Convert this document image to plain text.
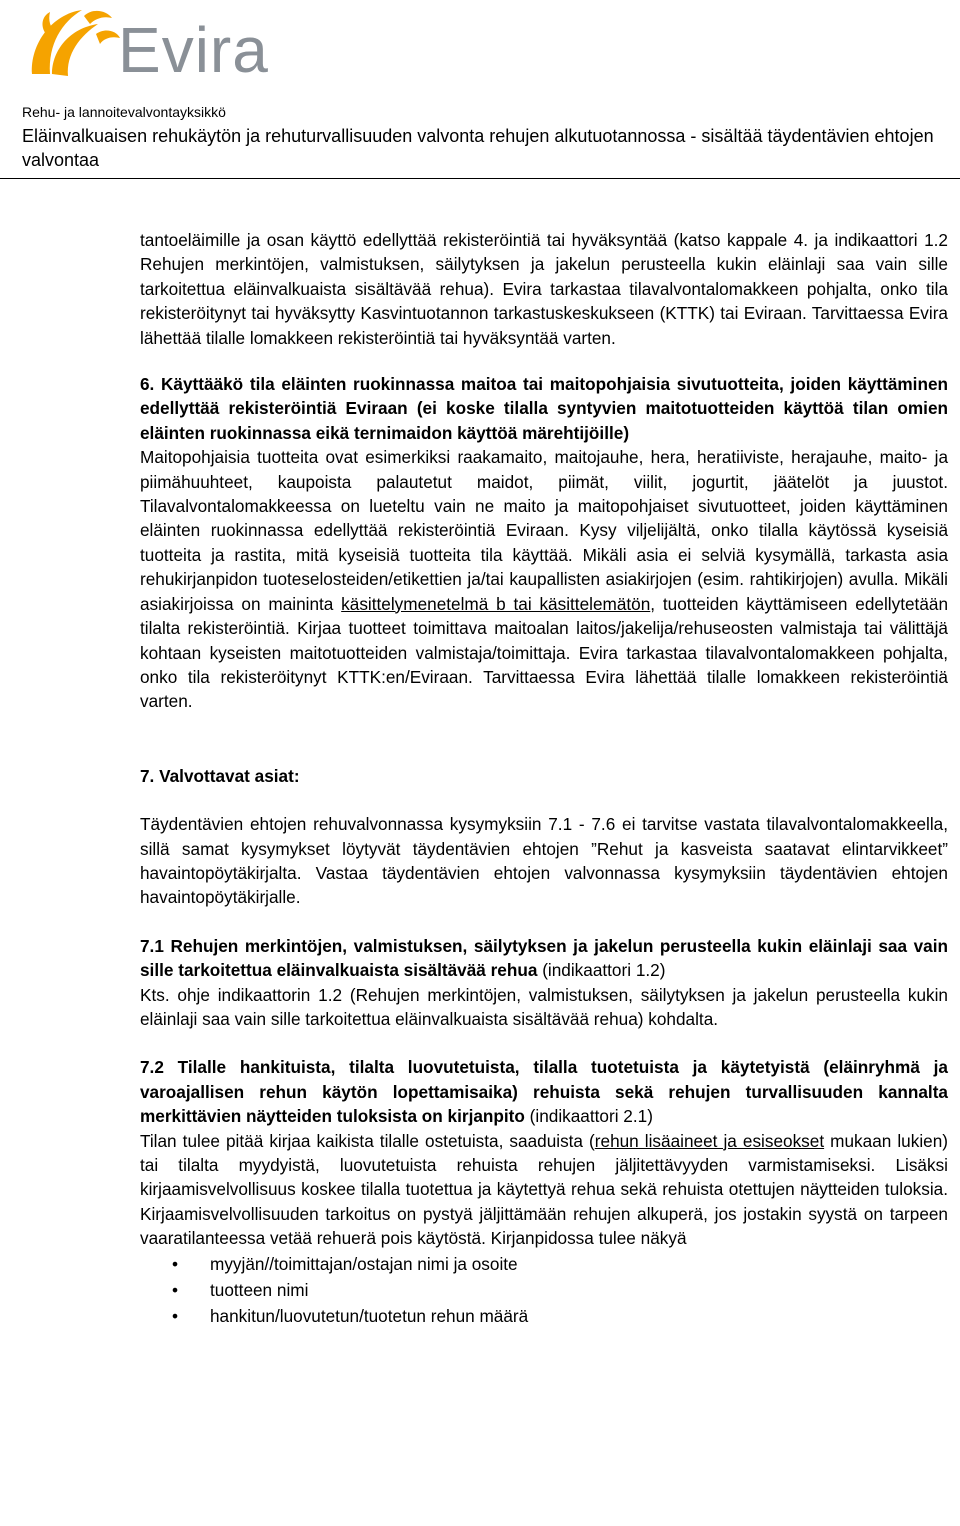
Evira
Rehu- ja lannoitevalvontayksikkö
Eläinvalkuaisen rehukäytön ja rehuturvallisuuden valvonta rehujen alkutuotannossa - sisältää täydentävien ehtojen valvontaa

tantoeläimille ja osan käyttö edellyttää rekisteröintiä tai hyväksyntää (katso kappale 4. ja indikaattori 1.2 Rehujen merkintöjen, valmistuksen, säilytyksen ja jakelun perusteella kukin eläinlaji saa vain sille tarkoitettua eläinvalkuaista sisältävää rehua). Evira tarkastaa tilavalvontalomakkeen pohjalta, onko tila rekisteröitynyt tai hyväksytty Kasvintuotannon tarkastuskeskukseen (KTTK) tai Eviraan. Tarvittaessa Evira lähettää tilalle lomakkeen rekisteröintiä tai hyväksyntää varten.

6. Käyttääkö tila eläinten ruokinnassa maitoa tai maitopohjaisia sivutuotteita, joiden käyttäminen edellyttää rekisteröintiä Eviraan (ei koske tilalla syntyvien maitotuotteiden käyttöä tilan omien eläinten ruokinnassa eikä ternimaidon käyttöä märehtijöille)
Maitopohjaisia tuotteita ovat esimerkiksi raakamaito, maitojauhe, hera, heratiiviste, herajauhe, maito- ja piimähuuhteet, kaupoista palautetut maidot, piimät, viilit, jogurtit, jäätelöt ja juustot. Tilavalvontalomakkeessa on lueteltu vain ne maito ja maitopohjaiset sivutuotteet, joiden käyttäminen eläinten ruokinnassa edellyttää rekisteröintiä Eviraan. Kysy viljelijältä, onko tilalla käytössä kyseisiä tuotteita ja rastita, mitä kyseisiä tuotteita tila käyttää. Mikäli asia ei selviä kysymällä, tarkasta asia rehukirjanpidon tuoteselosteiden/etikettien ja/tai kaupallisten asiakirjojen (esim. rahtikirjojen) avulla. Mikäli asiakirjoissa on maininta käsittelymenetelmä b tai käsittelemätön, tuotteiden käyttämiseen edellytetään tilalta rekisteröintiä. Kirjaa tuotteet toimittava maitoalan laitos/jakelija/rehuseosten valmistaja tai välittäjä kohtaan kyseisten maitotuotteiden valmistaja/toimittaja. Evira tarkastaa tilavalvontalomakkeen pohjalta, onko tila rekisteröitynyt KTTK:en/Eviraan. Tarvittaessa Evira lähettää tilalle lomakkeen rekisteröintiä varten.

7. Valvottavat asiat:

Täydentävien ehtojen rehuvalvonnassa kysymyksiin 7.1 - 7.6 ei tarvitse vastata tilavalvontalomakkeella, sillä samat kysymykset löytyvät täydentävien ehtojen ”Rehut ja kasveista saatavat elintarvikkeet” havaintopöytäkirjalta. Vastaa täydentävien ehtojen valvonnassa kysymyksiin täydentävien ehtojen havaintopöytäkirjalle.

7.1 Rehujen merkintöjen, valmistuksen, säilytyksen ja jakelun perusteella kukin eläinlaji saa vain sille tarkoitettua eläinvalkuaista sisältävää rehua (indikaattori 1.2)
Kts. ohje indikaattorin 1.2 (Rehujen merkintöjen, valmistuksen, säilytyksen ja jakelun perusteella kukin eläinlaji saa vain sille tarkoitettua eläinvalkuaista sisältävää rehua) kohdalta.

7.2 Tilalle hankituista, tilalta luovutetuista, tilalla tuotetuista ja käytetyistä (eläinryhmä ja varoajallisen rehun käytön lopettamisaika) rehuista sekä rehujen turvallisuuden kannalta merkittävien näytteiden tuloksista on kirjanpito (indikaattori 2.1)
Tilan tulee pitää kirjaa kaikista tilalle ostetuista, saaduista (rehun lisäaineet ja esiseokset mukaan lukien) tai tilalta myydyistä, luovutetuista rehuista rehujen jäljitettävyyden varmistamiseksi. Lisäksi kirjaamisvelvollisuus koskee tilalla tuotettua ja käytettyä rehua sekä rehuista otettujen näytteiden tuloksia. Kirjaamisvelvollisuuden tarkoitus on pystyä jäljittämään rehujen alkuperä, jos jostakin syystä on tarpeen vaaratilanteessa vetää rehuerä pois käytöstä. Kirjanpidossa tulee näkyä

• myyjän//toimittajan/ostajan nimi ja osoite
• tuotteen nimi
• hankitun/luovutetun/tuotetun rehun määrä
